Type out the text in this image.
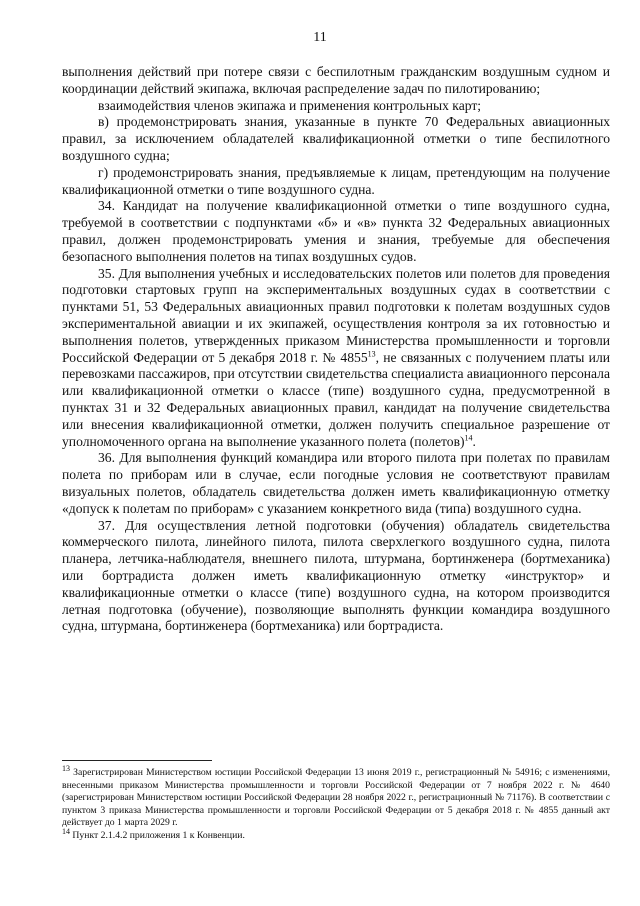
11

выполнения действий при потере связи с беспилотным гражданским воздушным судном и координации действий экипажа, включая распределение задач по пилотированию;

взаимодействия членов экипажа и применения контрольных карт;

в) продемонстрировать знания, указанные в пункте 70 Федеральных авиационных правил, за исключением обладателей квалификационной отметки о типе беспилотного воздушного судна;

г) продемонстрировать знания, предъявляемые к лицам, претендующим на получение квалификационной отметки о типе воздушного судна.

34. Кандидат на получение квалификационной отметки о типе воздушного судна, требуемой в соответствии с подпунктами «б» и «в» пункта 32 Федеральных авиационных правил, должен продемонстрировать умения и знания, требуемые для обеспечения безопасного выполнения полетов на типах воздушных судов.

35. Для выполнения учебных и исследовательских полетов или полетов для проведения подготовки стартовых групп на экспериментальных воздушных судах в соответствии с пунктами 51, 53 Федеральных авиационных правил подготовки к полетам воздушных судов экспериментальной авиации и их экипажей, осуществления контроля за их готовностью и выполнения полетов, утвержденных приказом Министерства промышленности и торговли Российской Федерации от 5 декабря 2018 г. № 4855$^{13}$, не связанных с получением платы или перевозками пассажиров, при отсутствии свидетельства специалиста авиационного персонала или квалификационной отметки о классе (типе) воздушного судна, предусмотренной в пунктах 31 и 32 Федеральных авиационных правил, кандидат на получение свидетельства или внесения квалификационной отметки, должен получить специальное разрешение от уполномоченного органа на выполнение указанного полета (полетов)$^{14}$.

36. Для выполнения функций командира или второго пилота при полетах по правилам полета по приборам или в случае, если погодные условия не соответствуют правилам визуальных полетов, обладатель свидетельства должен иметь квалификационную отметку «допуск к полетам по приборам» с указанием конкретного вида (типа) воздушного судна.

37. Для осуществления летной подготовки (обучения) обладатель свидетельства коммерческого пилота, линейного пилота, пилота сверхлегкого воздушного судна, пилота планера, летчика-наблюдателя, внешнего пилота, штурмана, бортинженера (бортмеханика) или бортрадиста должен иметь квалификационную отметку «инструктор» и квалификационные отметки о классе (типе) воздушного судна, на котором производится летная подготовка (обучение), позволяющие выполнять функции командира воздушного судна, штурмана, бортинженера (бортмеханика) или бортрадиста.

$^{13}$ Зарегистрирован Министерством юстиции Российской Федерации 13 июня 2019 г., регистрационный № 54916; с изменениями, внесенными приказом Министерства промышленности и торговли Российской Федерации от 7 ноября 2022 г. № 4640 (зарегистрирован Министерством юстиции Российской Федерации 28 ноября 2022 г., регистрационный № 71176). В соответствии с пунктом 3 приказа Министерства промышленности и торговли Российской Федерации от 5 декабря 2018 г. № 4855 данный акт действует до 1 марта 2029 г.

$^{14}$ Пункт 2.1.4.2 приложения 1 к Конвенции.
